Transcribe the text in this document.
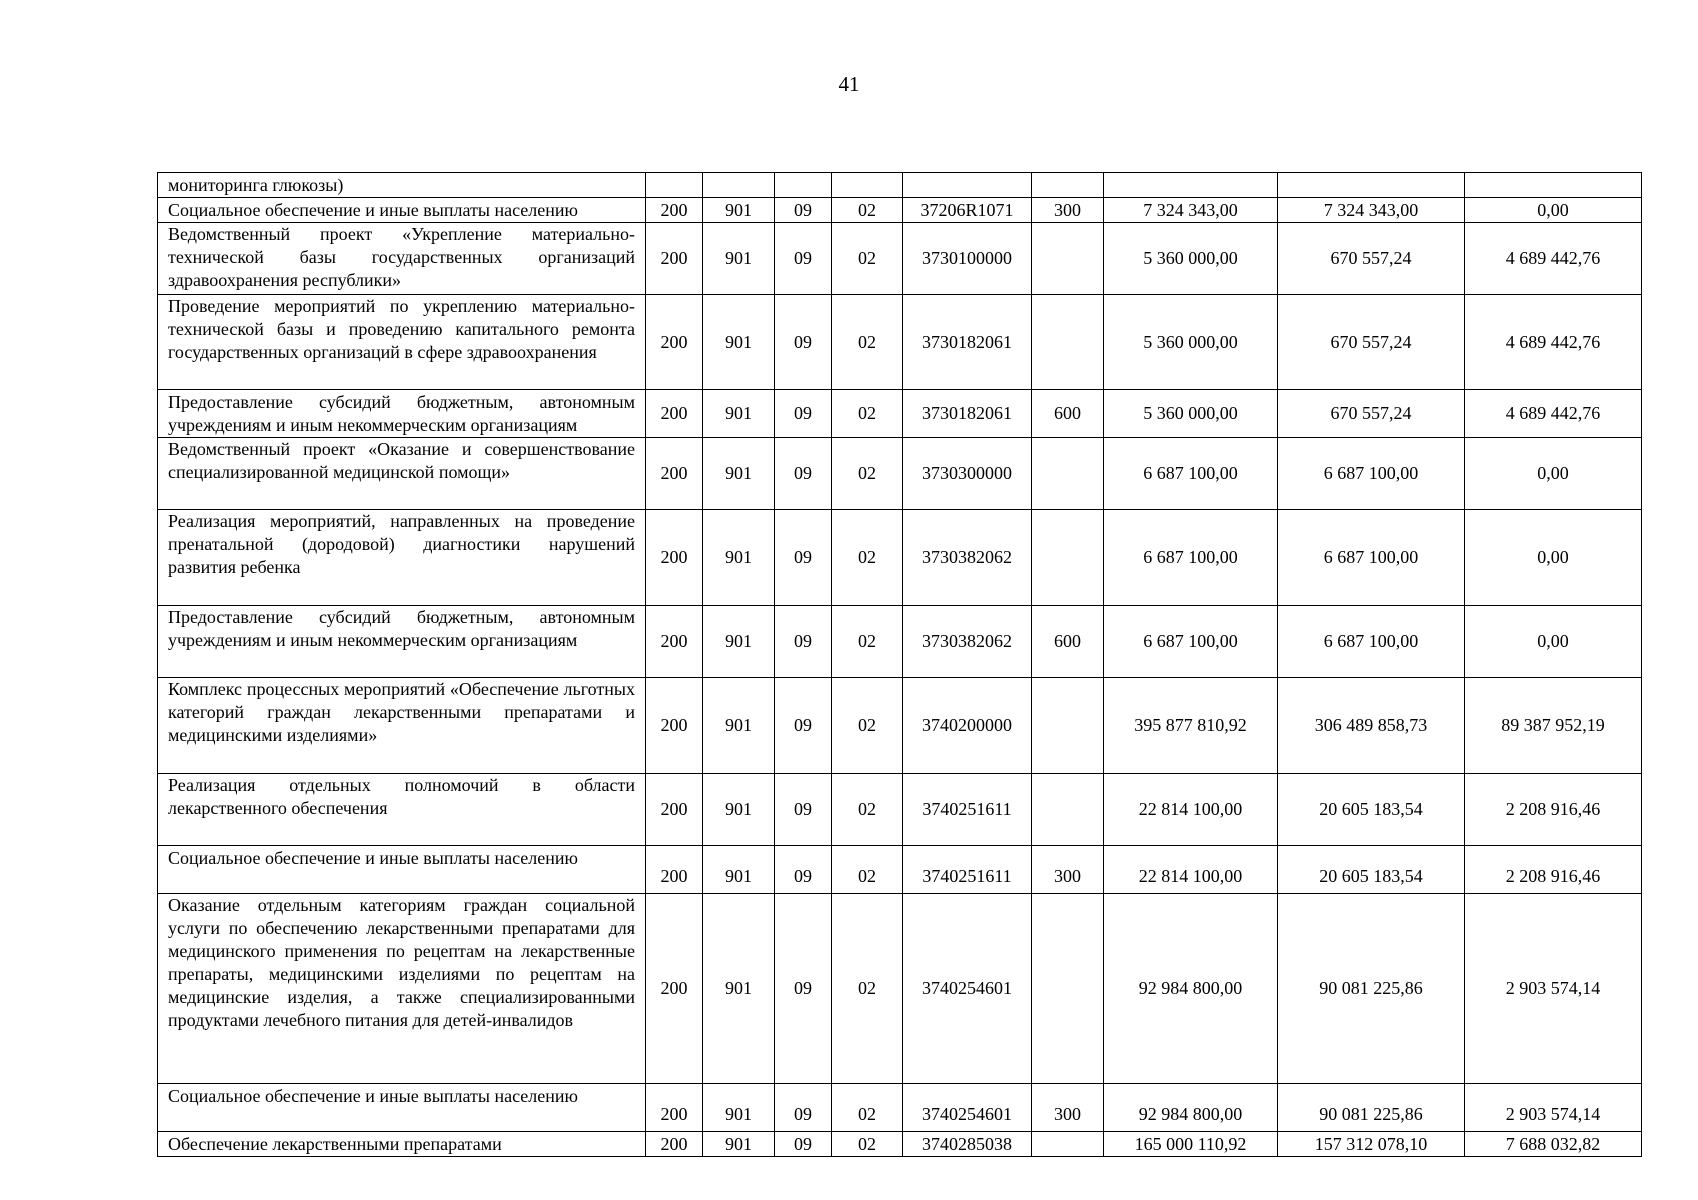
41
мониторинга глюкозы)									
Социальное обеспечение и иные выплаты населению	200	901	09	02	37206R1071	300	7 324 343,00	7 324 343,00	0,00
Ведомственный проект «Укрепление материально-технической базы государственных организаций здравоохранения республики»	200	901	09	02	3730100000		5 360 000,00	670 557,24	4 689 442,76
Проведение мероприятий по укреплению материально-технической базы и проведению капитального ремонта государственных организаций в сфере здравоохранения	200	901	09	02	3730182061		5 360 000,00	670 557,24	4 689 442,76
Предоставление субсидий бюджетным, автономным учреждениям и иным некоммерческим организациям	200	901	09	02	3730182061	600	5 360 000,00	670 557,24	4 689 442,76
Ведомственный проект «Оказание и совершенствование специализированной медицинской помощи»	200	901	09	02	3730300000		6 687 100,00	6 687 100,00	0,00
Реализация мероприятий, направленных на проведение пренатальной (дородовой) диагностики нарушений развития ребенка	200	901	09	02	3730382062		6 687 100,00	6 687 100,00	0,00
Предоставление субсидий бюджетным, автономным учреждениям и иным некоммерческим организациям	200	901	09	02	3730382062	600	6 687 100,00	6 687 100,00	0,00
Комплекс процессных мероприятий «Обеспечение льготных категорий граждан лекарственными препаратами и медицинскими изделиями»	200	901	09	02	3740200000		395 877 810,92	306 489 858,73	89 387 952,19
Реализация отдельных полномочий в области лекарственного обеспечения	200	901	09	02	3740251611		22 814 100,00	20 605 183,54	2 208 916,46
Социальное обеспечение и иные выплаты населению	200	901	09	02	3740251611	300	22 814 100,00	20 605 183,54	2 208 916,46
Оказание отдельным категориям граждан социальной услуги по обеспечению лекарственными препаратами для медицинского применения по рецептам на лекарственные препараты, медицинскими изделиями по рецептам на медицинские изделия, а также специализированными продуктами лечебного питания для детей-инвалидов	200	901	09	02	3740254601		92 984 800,00	90 081 225,86	2 903 574,14
Социальное обеспечение и иные выплаты населению	200	901	09	02	3740254601	300	92 984 800,00	90 081 225,86	2 903 574,14
Обеспечение лекарственными препаратами	200	901	09	02	3740285038		165 000 110,92	157 312 078,10	7 688 032,82
